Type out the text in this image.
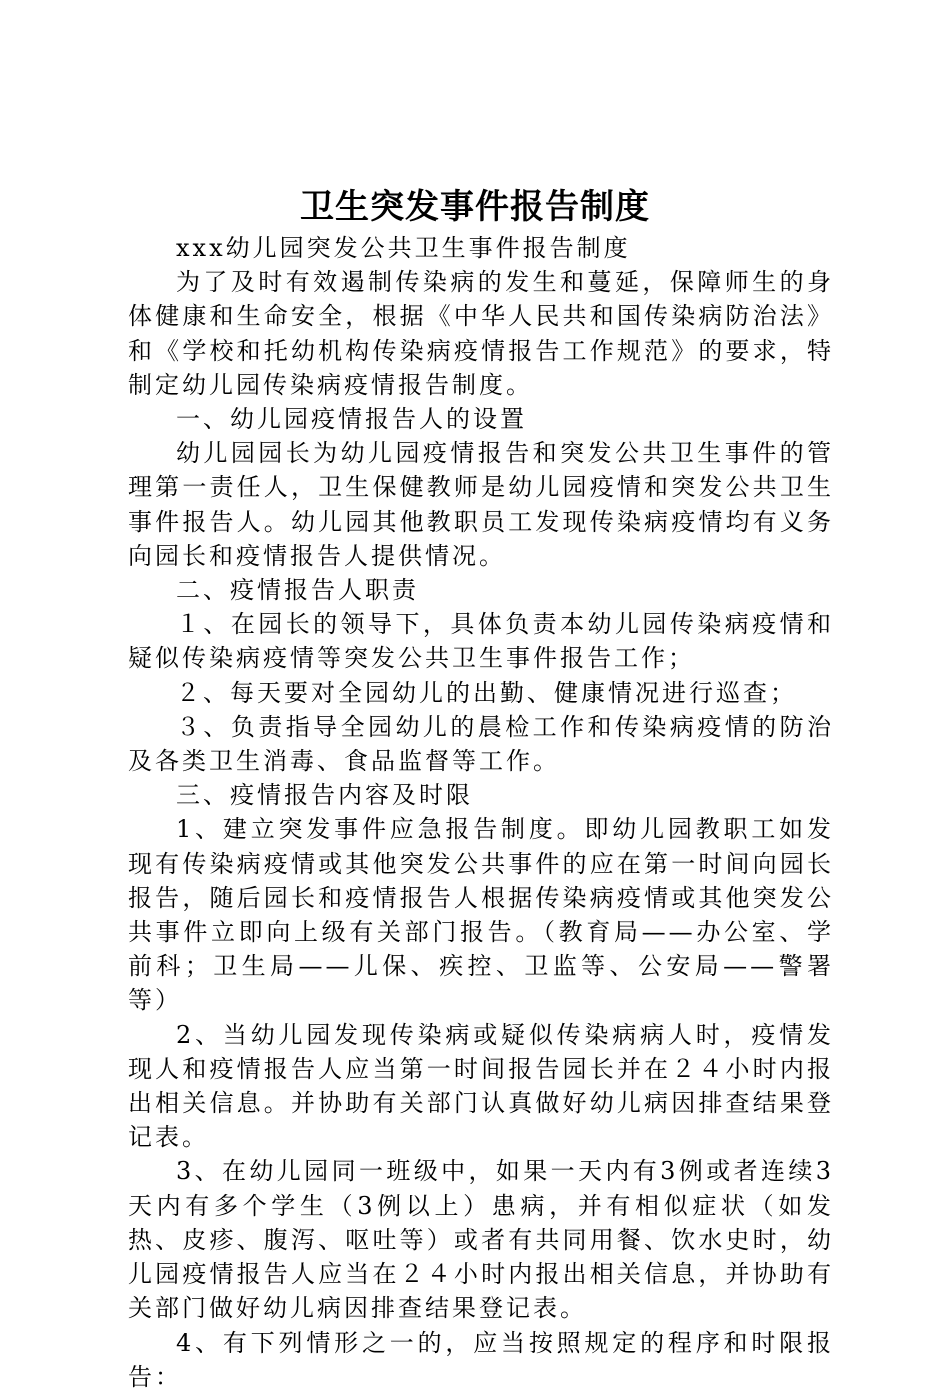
卫生突发事件报告制度

xxx幼儿园突发公共卫生事件报告制度

为了及时有效遏制传染病的发生和蔓延，保障师生的身体健康和生命安全，根据《中华人民共和国传染病防治法》和《学校和托幼机构传染病疫情报告工作规范》的要求，特制定幼儿园传染病疫情报告制度。

一、幼儿园疫情报告人的设置

幼儿园园长为幼儿园疫情报告和突发公共卫生事件的管理第一责任人，卫生保健教师是幼儿园疫情和突发公共卫生事件报告人。幼儿园其他教职员工发现传染病疫情均有义务向园长和疫情报告人提供情况。

二、疫情报告人职责

１、在园长的领导下，具体负责本幼儿园传染病疫情和疑似传染病疫情等突发公共卫生事件报告工作；

２、每天要对全园幼儿的出勤、健康情况进行巡查；

３、负责指导全园幼儿的晨检工作和传染病疫情的防治及各类卫生消毒、食品监督等工作。

三、疫情报告内容及时限

1、建立突发事件应急报告制度。即幼儿园教职工如发现有传染病疫情或其他突发公共事件的应在第一时间向园长报告，随后园长和疫情报告人根据传染病疫情或其他突发公共事件立即向上级有关部门报告。（教育局——办公室、学前科；卫生局——儿保、疾控、卫监等、公安局——警署等）

2、当幼儿园发现传染病或疑似传染病病人时，疫情发现人和疫情报告人应当第一时间报告园长并在２４小时内报出相关信息。并协助有关部门认真做好幼儿病因排查结果登记表。

3、在幼儿园同一班级中，如果一天内有3例或者连续3天内有多个学生（3例以上）患病，并有相似症状（如发热、皮疹、腹泻、呕吐等）或者有共同用餐、饮水史时，幼儿园疫情报告人应当在２４小时内报出相关信息，并协助有关部门做好幼儿病因排查结果登记表。

4、有下列情形之一的，应当按照规定的程序和时限报告：
